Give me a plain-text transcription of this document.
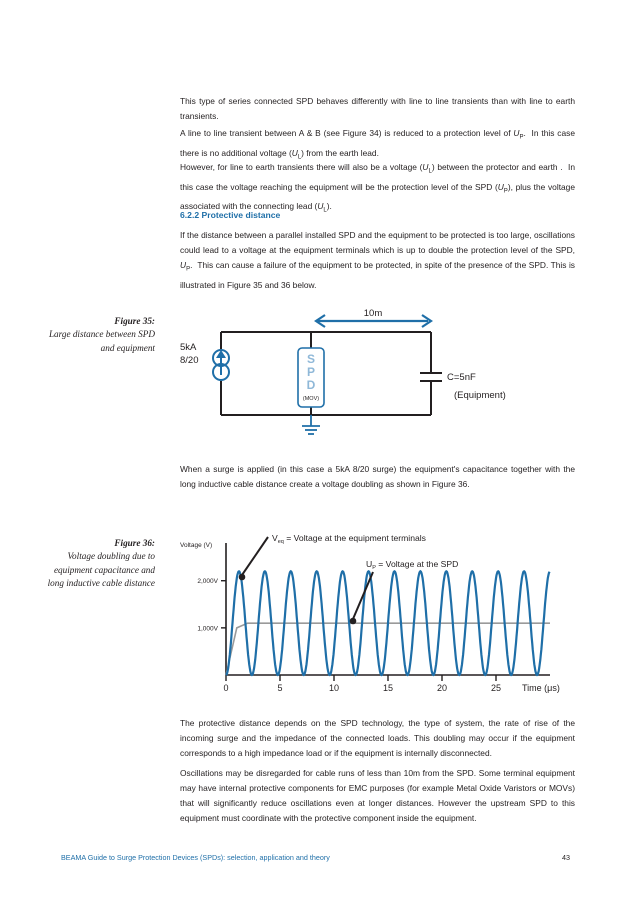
This type of series connected SPD behaves differently with line to line transients than with line to earth transients.

A line to line transient between A & B (see Figure 34) is reduced to a protection level of $U_P$.  In this case there is no additional voltage $(U_L)$ from the earth lead.

However, for line to earth transients there will also be a voltage $(U_L)$ between the protector and earth .  In this case the voltage reaching the equipment will be the protection level of the SPD $(U_P)$, plus the voltage associated with the connecting lead $(U_L)$.

6.2.2 Protective distance

If the distance between a parallel installed SPD and the equipment to be protected is too large, oscillations could lead to a voltage at the equipment terminals which is up to double the protection level of the SPD, $U_P$.  This can cause a failure of the equipment to be protected, in spite of the presence of the SPD. This is illustrated in Figure 35 and 36 below.

Figure 35:
Large distance between SPD and equipment
10m
5kA
8/20	S
P
D
(MOV)
C=5nF
(Equipment)

When a surge is applied (in this case a 5kA 8/20 surge) the equipment's capacitance together with the long inductive cable distance create a voltage doubling as shown in Figure 36.

Figure 36:
Voltage doubling due to equipment capacitance and long inductive cable distance
Voltage (V)
Time (μs)
0	5	10	15	20	25
1,000V
2,000V
$V_{eq}$ = Voltage at the equipment terminals
$U_P$ = Voltage at the SPD

The protective distance depends on the SPD technology, the type of system, the rate of rise of the incoming surge and the impedance of the connected loads. This doubling may occur if the equipment corresponds to a high impedance load or if the equipment is internally disconnected.

Oscillations may be disregarded for cable runs of less than 10m from the SPD. Some terminal equipment may have internal protective components for EMC purposes (for example Metal Oxide Varistors or MOVs) that will significantly reduce oscillations even at longer distances. However the upstream SPD to this equipment must coordinate with the protective component inside the equipment.

BEAMA Guide to Surge Protection Devices (SPDs): selection, application and theory	43
